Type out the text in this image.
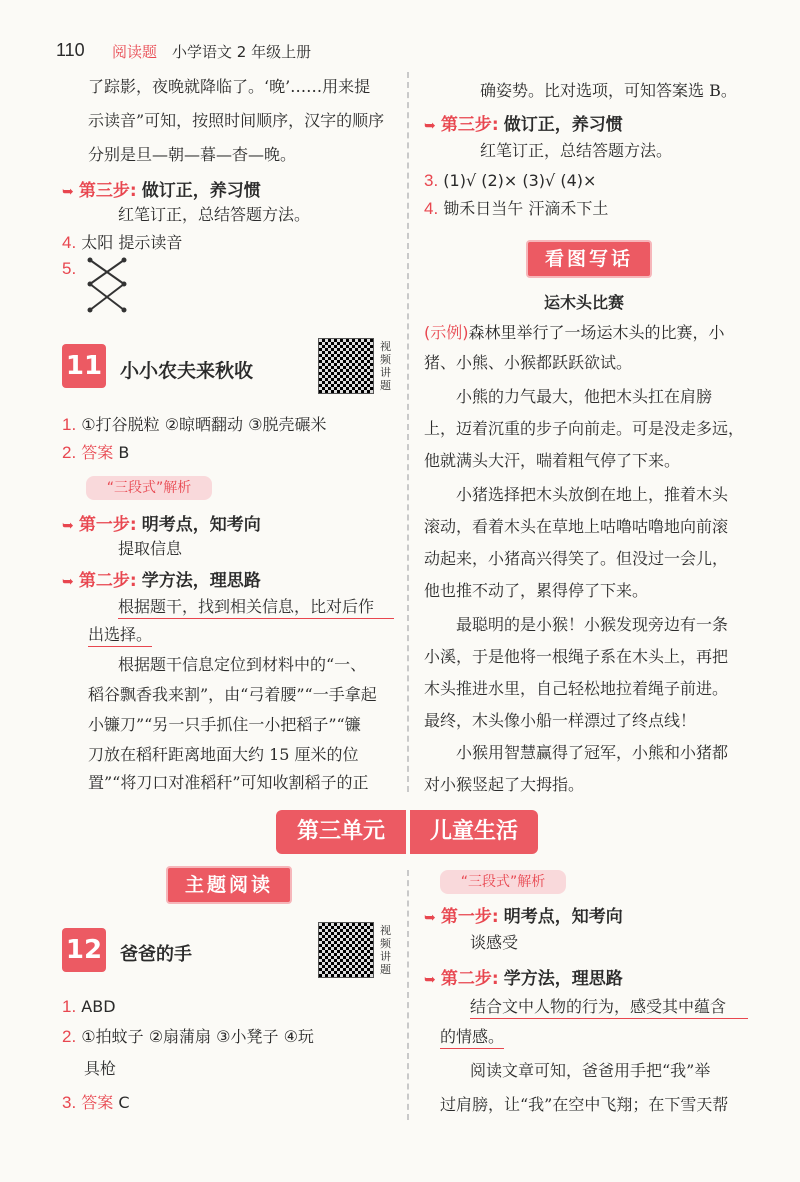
110 阅读题 小学语文 2 年级上册
了踪影，夜晚就降临了。‘晚’……用来提
示读音”可知，按照时间顺序，汉字的顺序
分别是旦—朝—暮—杳—晚。
➥ 第三步: 做订正，养习惯
红笔订正，总结答题方法。
4. 太阳 提示读音
5.
11 小小农夫来秋收
视频讲题
1. ①打谷脱粒 ②晾晒翻动 ③脱壳碾米
2. 答案 B
“三段式”解析
➥ 第一步: 明考点，知考向
提取信息
➥ 第二步: 学方法，理思路
根据题干，找到相关信息，比对后作
出选择。
根据题干信息定位到材料中的“一、
稻谷飘香我来割”，由“弓着腰”“一手拿起
小镰刀”“另一只手抓住一小把稻子”“镰
刀放在稻秆距离地面大约 15 厘米的位
置”“将刀口对准稻秆”可知收割稻子的正
确姿势。比对选项，可知答案选 B。
➥ 第三步: 做订正，养习惯
红笔订正，总结答题方法。
3. (1)√ (2)× (3)√ (4)×
4. 锄禾日当午 汗滴禾下土
看图写话
运木头比赛
(示例)森林里举行了一场运木头的比赛，小
猪、小熊、小猴都跃跃欲试。
小熊的力气最大，他把木头扛在肩膀
上，迈着沉重的步子向前走。可是没走多远，
他就满头大汗，喘着粗气停了下来。
小猪选择把木头放倒在地上，推着木头
滚动，看着木头在草地上咕噜咕噜地向前滚
动起来，小猪高兴得笑了。但没过一会儿，
他也推不动了，累得停了下来。
最聪明的是小猴！小猴发现旁边有一条
小溪，于是他将一根绳子系在木头上，再把
木头推进水里，自己轻松地拉着绳子前进。
最终，木头像小船一样漂过了终点线！
小猴用智慧赢得了冠军，小熊和小猪都
对小猴竖起了大拇指。
第三单元	儿童生活
主题阅读
12 爸爸的手
视频讲题
1. ABD
2. ①拍蚊子 ②扇蒲扇 ③小凳子 ④玩
具枪
3. 答案 C
“三段式”解析
➥ 第一步: 明考点，知考向
谈感受
➥ 第二步: 学方法，理思路
结合文中人物的行为，感受其中蕴含
的情感。
阅读文章可知，爸爸用手把“我”举
过肩膀，让“我”在空中飞翔；在下雪天帮
